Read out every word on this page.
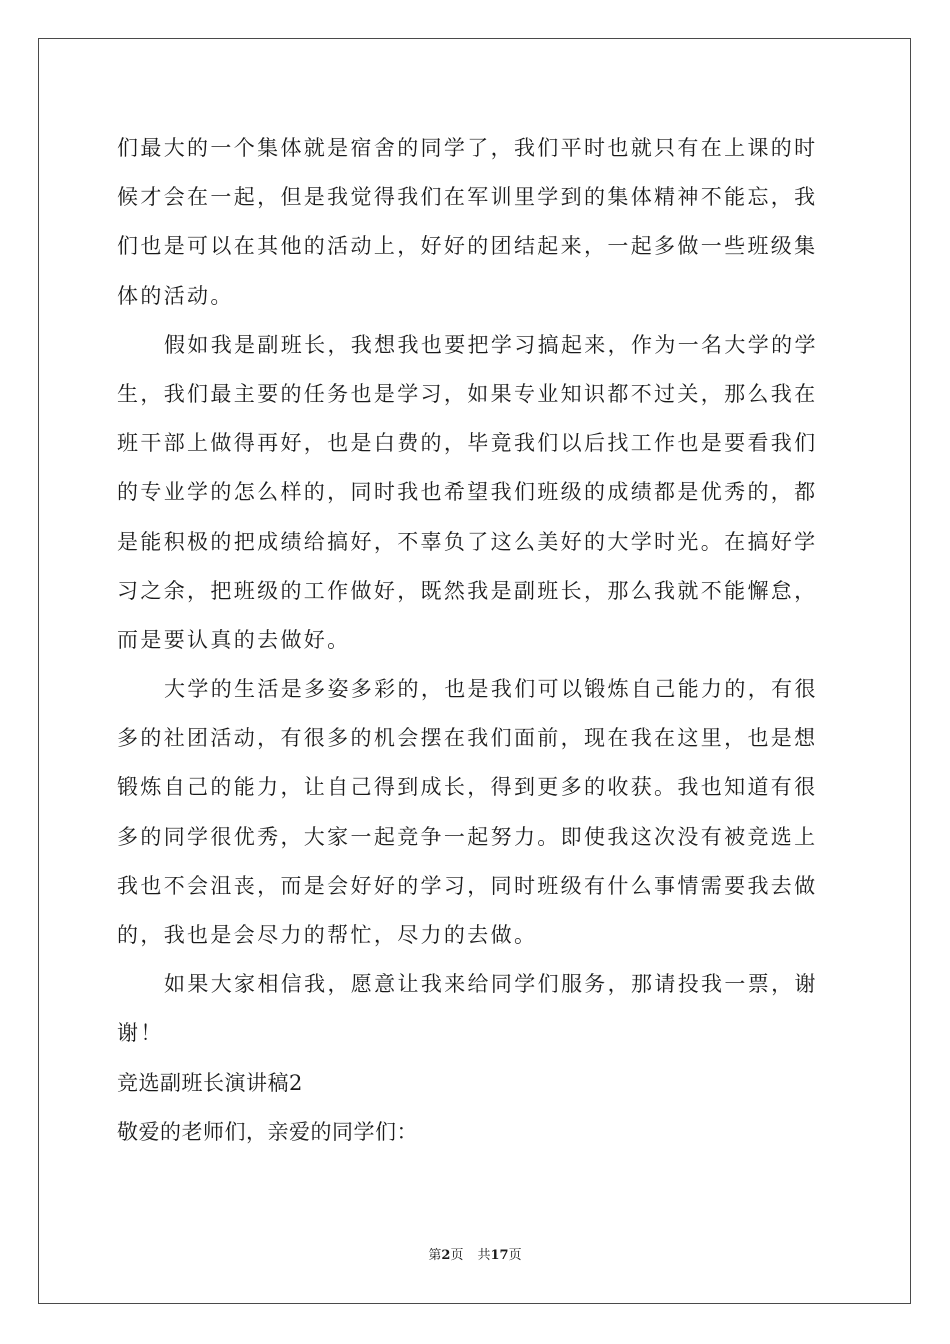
们最大的一个集体就是宿舍的同学了，我们平时也就只有在上课的时
候才会在一起，但是我觉得我们在军训里学到的集体精神不能忘，我
们也是可以在其他的活动上，好好的团结起来，一起多做一些班级集
体的活动。
假如我是副班长，我想我也要把学习搞起来，作为一名大学的学
生，我们最主要的任务也是学习，如果专业知识都不过关，那么我在
班干部上做得再好，也是白费的，毕竟我们以后找工作也是要看我们
的专业学的怎么样的，同时我也希望我们班级的成绩都是优秀的，都
是能积极的把成绩给搞好，不辜负了这么美好的大学时光。在搞好学
习之余，把班级的工作做好，既然我是副班长，那么我就不能懈怠，
而是要认真的去做好。
大学的生活是多姿多彩的，也是我们可以锻炼自己能力的，有很
多的社团活动，有很多的机会摆在我们面前，现在我在这里，也是想
锻炼自己的能力，让自己得到成长，得到更多的收获。我也知道有很
多的同学很优秀，大家一起竞争一起努力。即使我这次没有被竞选上
我也不会沮丧，而是会好好的学习，同时班级有什么事情需要我去做
的，我也是会尽力的帮忙，尽力的去做。
如果大家相信我，愿意让我来给同学们服务，那请投我一票，谢
谢！
竞选副班长演讲稿2
敬爱的老师们，亲爱的同学们：
第2页 共17页
